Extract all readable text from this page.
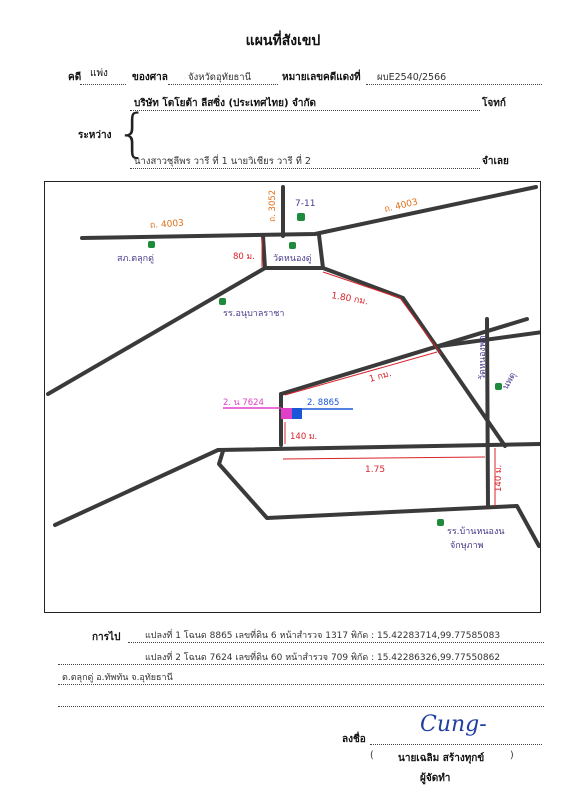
แผนที่สังเขป
คดี แพ่ง ของศาล จังหวัดอุทัยธานี	หมายเลขคดีแดงที่ ผบE2540/2566
ระหว่าง {
บริษัท โตโยต้า ลีสซิ่ง (ประเทศไทย) จำกัด	โจทก์
นางสาวชุลีพร วารี ที่ 1 นายวิเชียร วารี ที่ 2	จำเลย
ถ. 4003
ถ. 4003
ถ. 3052 7-11
สภ.ตลุกดู่	วัดหนองดู่
รร.อนุบาลราชา
วัดหนองพุด
นพดุ
รร.บ้านหนองน
จักษุภาพ
80 ม.
1.80 กม.
1 กม.
140 ม.
1.75	140 ม.
2. น 7624	2. 8865
การไป	แปลงที่ 1 โฉนด 8865 เลขที่ดิน 6 หน้าสำรวจ 1317 พิกัด : 15.42283714,99.77585083
แปลงที่ 2 โฉนด 7624 เลขที่ดิน 60 หน้าสำรวจ 709 พิกัด : 15.42286326,99.77550862
ต.ตลุกดู่ อ.ทัพทัน จ.อุทัยธานี
ลงชื่อ
Cung-
( นายเฉลิม สร้างทุกข์	)
ผู้จัดทำ
